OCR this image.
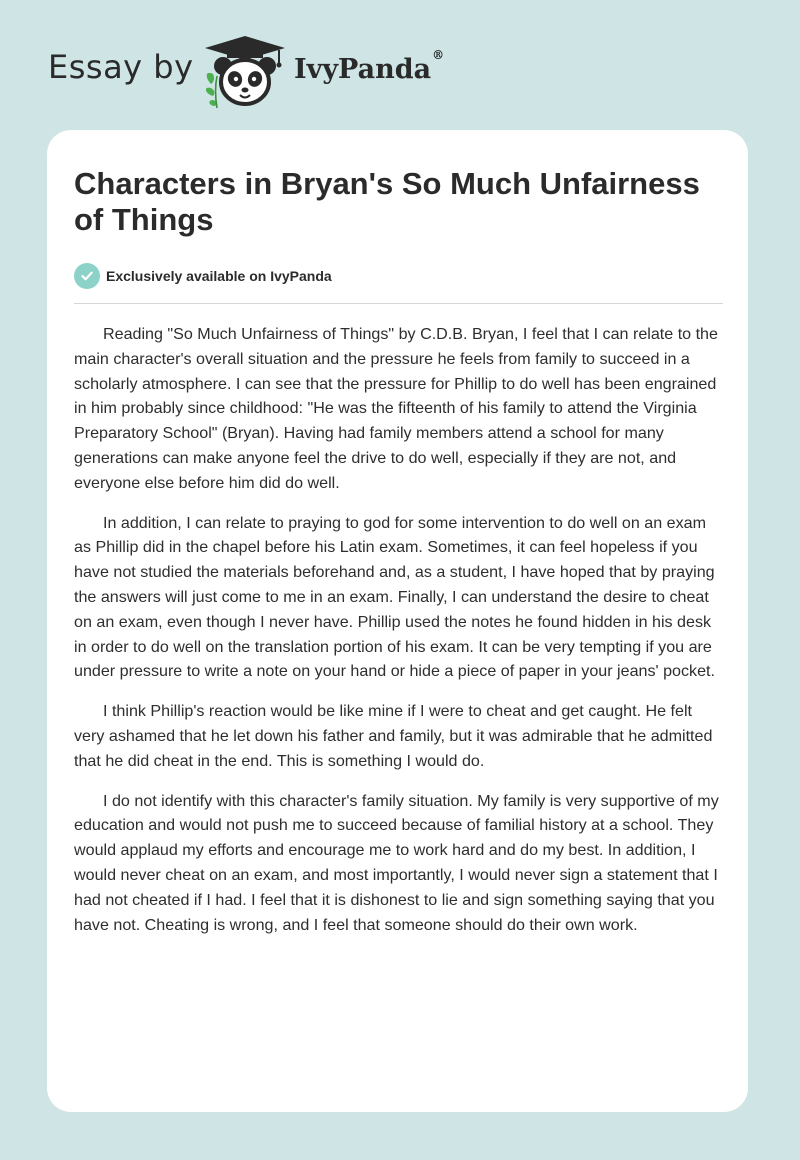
Essay by	IvyPanda®
Characters in Bryan's So Much Unfairness of Things
Exclusively available on IvyPanda

Reading "So Much Unfairness of Things" by C.D.B. Bryan, I feel that I can relate to the main character's overall situation and the pressure he feels from family to succeed in a scholarly atmosphere. I can see that the pressure for Phillip to do well has been engrained in him probably since childhood: "He was the fifteenth of his family to attend the Virginia Preparatory School" (Bryan). Having had family members attend a school for many generations can make anyone feel the drive to do well, especially if they are not, and everyone else before him did do well.

In addition, I can relate to praying to god for some intervention to do well on an exam as Phillip did in the chapel before his Latin exam. Sometimes, it can feel hopeless if you have not studied the materials beforehand and, as a student, I have hoped that by praying the answers will just come to me in an exam. Finally, I can understand the desire to cheat on an exam, even though I never have. Phillip used the notes he found hidden in his desk in order to do well on the translation portion of his exam. It can be very tempting if you are under pressure to write a note on your hand or hide a piece of paper in your jeans' pocket.

I think Phillip's reaction would be like mine if I were to cheat and get caught. He felt very ashamed that he let down his father and family, but it was admirable that he admitted that he did cheat in the end. This is something I would do.

I do not identify with this character's family situation. My family is very supportive of my education and would not push me to succeed because of familial history at a school. They would applaud my efforts and encourage me to work hard and do my best. In addition, I would never cheat on an exam, and most importantly, I would never sign a statement that I had not cheated if I had. I feel that it is dishonest to lie and sign something saying that you have not. Cheating is wrong, and I feel that someone should do their own work.
